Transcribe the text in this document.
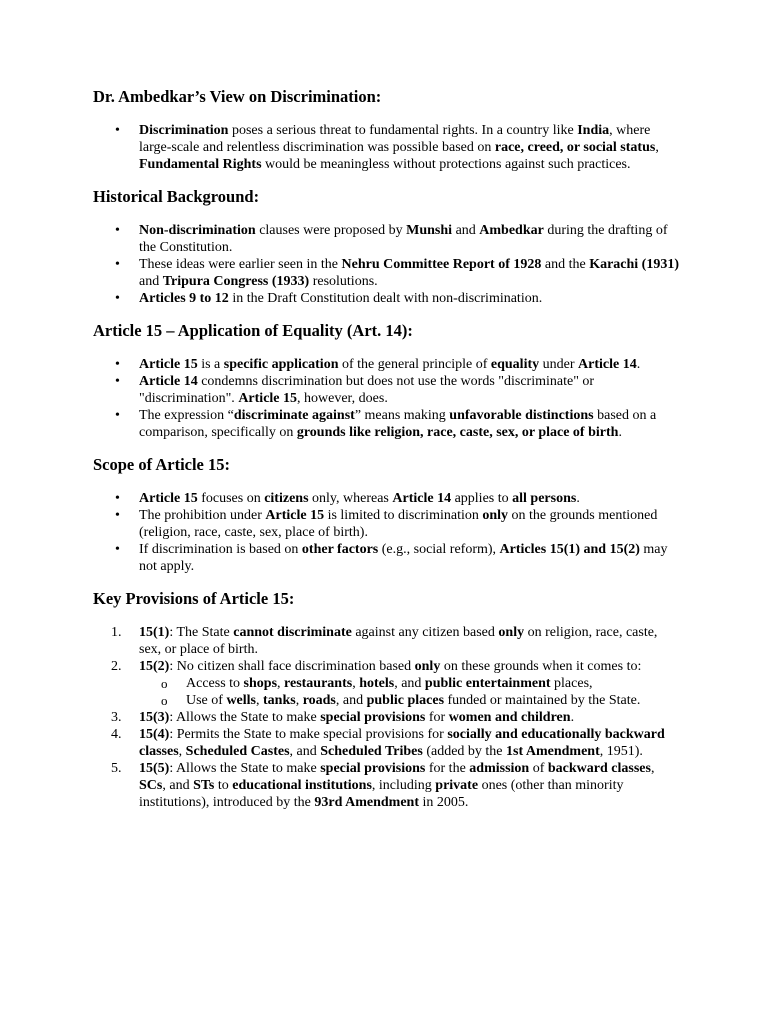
Dr. Ambedkar’s View on Discrimination:
• Discrimination poses a serious threat to fundamental rights. In a country like India, where large-scale and relentless discrimination was possible based on race, creed, or social status, Fundamental Rights would be meaningless without protections against such practices.
Historical Background:
• Non-discrimination clauses were proposed by Munshi and Ambedkar during the drafting of the Constitution.
• These ideas were earlier seen in the Nehru Committee Report of 1928 and the Karachi (1931) and Tripura Congress (1933) resolutions.
• Articles 9 to 12 in the Draft Constitution dealt with non-discrimination.
Article 15 – Application of Equality (Art. 14):
• Article 15 is a specific application of the general principle of equality under Article 14.
• Article 14 condemns discrimination but does not use the words "discriminate" or "discrimination". Article 15, however, does.
• The expression “discriminate against” means making unfavorable distinctions based on a comparison, specifically on grounds like religion, race, caste, sex, or place of birth.
Scope of Article 15:
• Article 15 focuses on citizens only, whereas Article 14 applies to all persons.
• The prohibition under Article 15 is limited to discrimination only on the grounds mentioned (religion, race, caste, sex, place of birth).
• If discrimination is based on other factors (e.g., social reform), Articles 15(1) and 15(2) may not apply.
Key Provisions of Article 15:
1. 15(1): The State cannot discriminate against any citizen based only on religion, race, caste, sex, or place of birth.
2. 15(2): No citizen shall face discrimination based only on these grounds when it comes to:
o Access to shops, restaurants, hotels, and public entertainment places,
o Use of wells, tanks, roads, and public places funded or maintained by the State.
3. 15(3): Allows the State to make special provisions for women and children.
4. 15(4): Permits the State to make special provisions for socially and educationally backward classes, Scheduled Castes, and Scheduled Tribes (added by the 1st Amendment, 1951).
5. 15(5): Allows the State to make special provisions for the admission of backward classes, SCs, and STs to educational institutions, including private ones (other than minority institutions), introduced by the 93rd Amendment in 2005.
